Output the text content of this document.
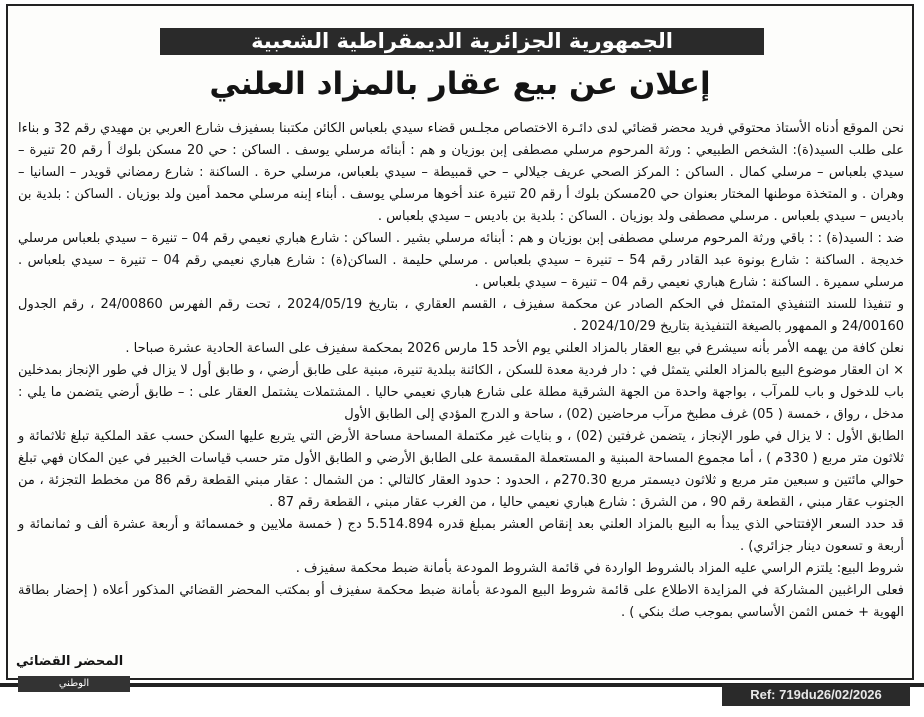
الجمهورية الجزائرية الديمقراطية الشعبية
إعلان عن بيع عقار بالمزاد العلني

نحن الموقع أدناه الأستاذ محتوقي فريد محضر قضائي لدى دائـرة الاختصاص مجلـس قضاء سيدي بلعباس الكائن مكتبنا بسفيزف شارع العربي بن مهيدي رقم 32 و بناءا على طلب السيد(ة): الشخص الطبيعي : ورثة المرحوم مرسلي مصطفى إبن بوزيان و هم : أبنائه مرسلي يوسف . الساكن : حي 20 مسكن بلوك أ رقم 20 تنيرة – سيدي بلعباس – مرسلي كمال . الساكن : المركز الصحي عريف جيلالي – حي قمبيطة – سيدي بلعباس، مرسلي حرة . الساكنة : شارع رمضاني قويدر – السانيا – وهران . و المتخذة موطنها المختار بعنوان حي 20مسكن بلوك أ رقم 20 تنيرة عند أخوها مرسلي يوسف . أبناء إبنه مرسلي محمد أمين ولد بوزيان . الساكن : بلدية بن باديس – سيدي بلعباس . مرسلي مصطفى ولد بوزيان . الساكن : بلدية بن باديس – سيدي بلعباس .

ضد : السيد(ة) : : باقي ورثة المرحوم مرسلي مصطفى إبن بوزيان و هم : أبنائه مرسلي بشير . الساكن : شارع هباري نعيمي رقم 04 – تنيرة – سيدي بلعباس مرسلي خديجة . الساكنة : شارع بونوة عبد القادر رقم 54 – تنيرة – سيدي بلعباس . مرسلي حليمة . الساكن(ة) : شارع هباري نعيمي رقم 04 – تنيرة – سيدي بلعباس . مرسلي سميرة . الساكنة : شارع هباري نعيمي رقم 04 – تنيرة – سيدي بلعباس .

و تنفيذا للسند التنفيذي المتمثل في الحكم الصادر عن محكمة سفيزف ، القسم العقاري ، بتاريخ 2024/05/19 ، تحت رقم الفهرس 24/00860 ، رقم الجدول 24/00160 و الممهور بالصيغة التنفيذية بتاريخ 2024/10/29 .

نعلن كافة من يهمه الأمر بأنه سيشرع في بيع العقار بالمزاد العلني يوم الأحد 15 مارس 2026 بمحكمة سفيزف على الساعة الحادية عشرة صباحا .

× ان العقار موضوع البيع بالمزاد العلني يتمثل في : دار فردية معدة للسكن ، الكائنة ببلدية تنيرة، مبنية على طابق أرضي ، و طابق أول لا يزال في طور الإنجاز بمدخلين باب للدخول و باب للمرآب ، بواجهة واحدة من الجهة الشرقية مطلة على شارع هباري نعيمي حاليا . المشتملات يشتمل العقار على : – طابق أرضي يتضمن ما يلي : مدخل ، رواق ، خمسة ( 05) غرف مطبخ مرآب مرحاضين (02) ، ساحة و الدرج المؤدي إلى الطابق الأول

الطابق الأول : لا يزال في طور الإنجاز ، يتضمن غرفتين (02) ، و بنايات غير مكتملة المساحة مساحة الأرض التي يتربع عليها السكن حسب عقد الملكية تبلغ ثلاثمائة و ثلاثون متر مربع ( 330م ) ، أما مجموع المساحة المبنية و المستعملة المقسمة على الطابق الأرضي و الطابق الأول متر حسب قياسات الخبير في عين المكان فهي تبلغ حوالي مائتين و سبعين متر مربع و ثلاثون ديسمتر مربع 270.30م ، الحدود : حدود العقار كالتالي : من الشمال : عقار مبني القطعة رقم 86 من مخطط التجزئة ، من الجنوب عقار مبني ، القطعة رقم 90 ، من الشرق : شارع هباري نعيمي حاليا ، من الغرب عقار مبني ، القطعة رقم 87 .

قد حدد السعر الإفتتاحي الذي يبدأ به البيع بالمزاد العلني بعد إنقاص العشر بمبلغ قدره 5.514.894 دج ( خمسة ملايين و خمسمائة و أربعة عشرة ألف و ثمانمائة و أربعة و تسعون دينار جزائري) .

شروط البيع: يلتزم الراسي عليه المزاد بالشروط الواردة في قائمة الشروط المودعة بأمانة ضبط محكمة سفيزف .

فعلى الراغبين المشاركة في المزايدة الاطلاع على قائمة شروط البيع المودعة بأمانة ضبط محكمة سفيزف أو بمكتب المحضر القضائي المذكور أعلاه ( إحضار بطاقة الهوية + خمس الثمن الأساسي بموجب صك بنكي ) .

المحضر القضائي
الوطني
Ref: 719du26/02/2026
